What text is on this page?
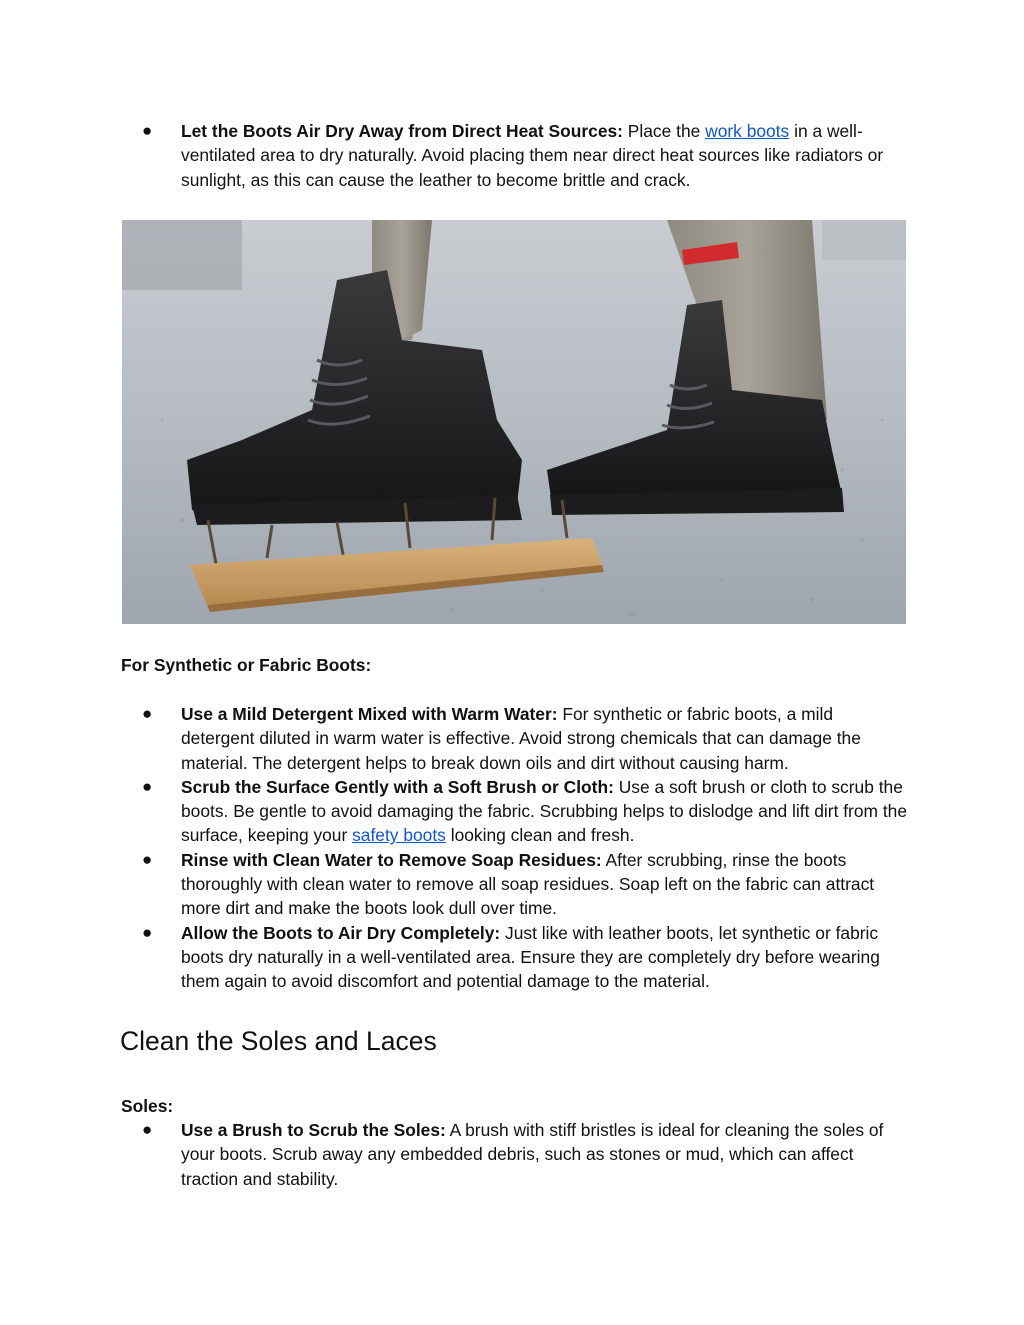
● Let the Boots Air Dry Away from Direct Heat Sources: Place the work boots in a well-ventilated area to dry naturally. Avoid placing them near direct heat sources like radiators or sunlight, as this can cause the leather to become brittle and crack.
For Synthetic or Fabric Boots:
● Use a Mild Detergent Mixed with Warm Water: For synthetic or fabric boots, a mild detergent diluted in warm water is effective. Avoid strong chemicals that can damage the material. The detergent helps to break down oils and dirt without causing harm.
● Scrub the Surface Gently with a Soft Brush or Cloth: Use a soft brush or cloth to scrub the boots. Be gentle to avoid damaging the fabric. Scrubbing helps to dislodge and lift dirt from the surface, keeping your safety boots looking clean and fresh.
● Rinse with Clean Water to Remove Soap Residues: After scrubbing, rinse the boots thoroughly with clean water to remove all soap residues. Soap left on the fabric can attract more dirt and make the boots look dull over time.
● Allow the Boots to Air Dry Completely: Just like with leather boots, let synthetic or fabric boots dry naturally in a well-ventilated area. Ensure they are completely dry before wearing them again to avoid discomfort and potential damage to the material.
Clean the Soles and Laces
Soles:
● Use a Brush to Scrub the Soles: A brush with stiff bristles is ideal for cleaning the soles of your boots. Scrub away any embedded debris, such as stones or mud, which can affect traction and stability.
